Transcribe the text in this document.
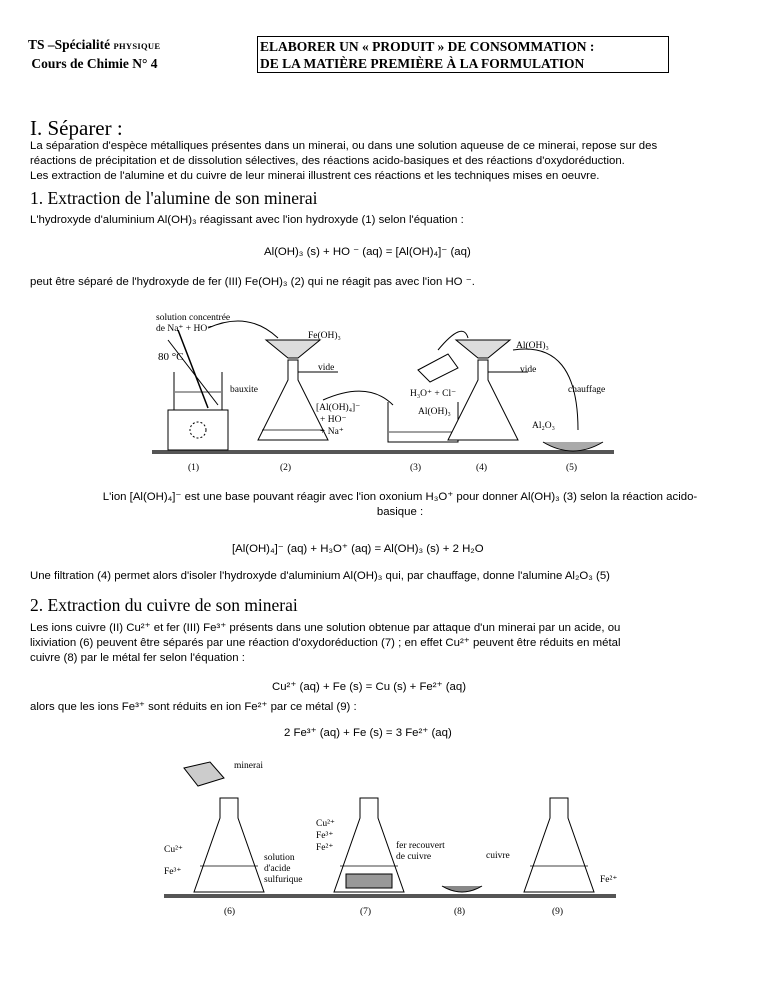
TS –Spécialité PHYSIQUE
Cours de Chimie N° 4
ELABORER UN « PRODUIT » DE CONSOMMATION :
DE LA MATIÈRE PREMIÈRE À LA FORMULATION
I. Séparer :
La séparation d'espèce métalliques présentes dans un minerai, ou dans une solution aqueuse de ce minerai, repose sur des
réactions de précipitation et de dissolution sélectives, des réactions acido-basiques et des réactions d'oxydoréduction.
Les extraction de l'alumine et du cuivre de leur minerai illustrent ces réactions et les techniques mises en oeuvre.
1. Extraction de l'alumine de son minerai
L'hydroxyde d'aluminium Al(OH)₃ réagissant avec l'ion hydroxyde (1) selon l'équation :
Al(OH)₃ (s) + HO ⁻ (aq) = [Al(OH)₄]⁻ (aq)
peut être séparé de l'hydroxyde de fer (III) Fe(OH)₃ (2) qui ne réagit pas avec l'ion HO ⁻.
solution concentrée
de Na⁺ + HO⁻
80 °C
bauxite
Fe(OH)₃
vide
[Al(OH)₄]⁻
+ HO⁻
+ Na⁺
H₃O⁺ + Cl⁻
Al(OH)₃
Al(OH)₃
vide
chauffage
Al₂O₃
(1)	(2)	(3)	(4)	(5)
L'ion [Al(OH)₄]⁻ est une base pouvant réagir avec l'ion oxonium H₃O⁺ pour donner Al(OH)₃ (3) selon la réaction acido-
basique :
[Al(OH)₄]⁻ (aq) + H₃O⁺ (aq) = Al(OH)₃ (s) + 2 H₂O
Une filtration (4) permet alors d'isoler l'hydroxyde d'aluminium Al(OH)₃ qui, par chauffage, donne l'alumine Al₂O₃ (5)
2. Extraction du cuivre de son minerai
Les ions cuivre (II) Cu²⁺ et fer (III) Fe³⁺ présents dans une solution obtenue par attaque d'un minerai par un acide, ou
lixiviation (6) peuvent être séparés par une réaction d'oxydoréduction (7) ; en effet Cu²⁺ peuvent être réduits en métal
cuivre (8) par le métal fer selon l'équation :
Cu²⁺ (aq) + Fe (s) = Cu (s) + Fe²⁺ (aq)
alors que les ions Fe³⁺ sont réduits en ion Fe²⁺ par ce métal (9) :
2 Fe³⁺ (aq) + Fe (s) = 3 Fe²⁺ (aq)
minerai
Cu²⁺
Fe³⁺
solution
d'acide
sulfurique
Cu²⁺
Fe³⁺
Fe²⁺	fer recouvert
de cuivre	cuivre
Fe²⁺
(6)	(7)	(8)	(9)
